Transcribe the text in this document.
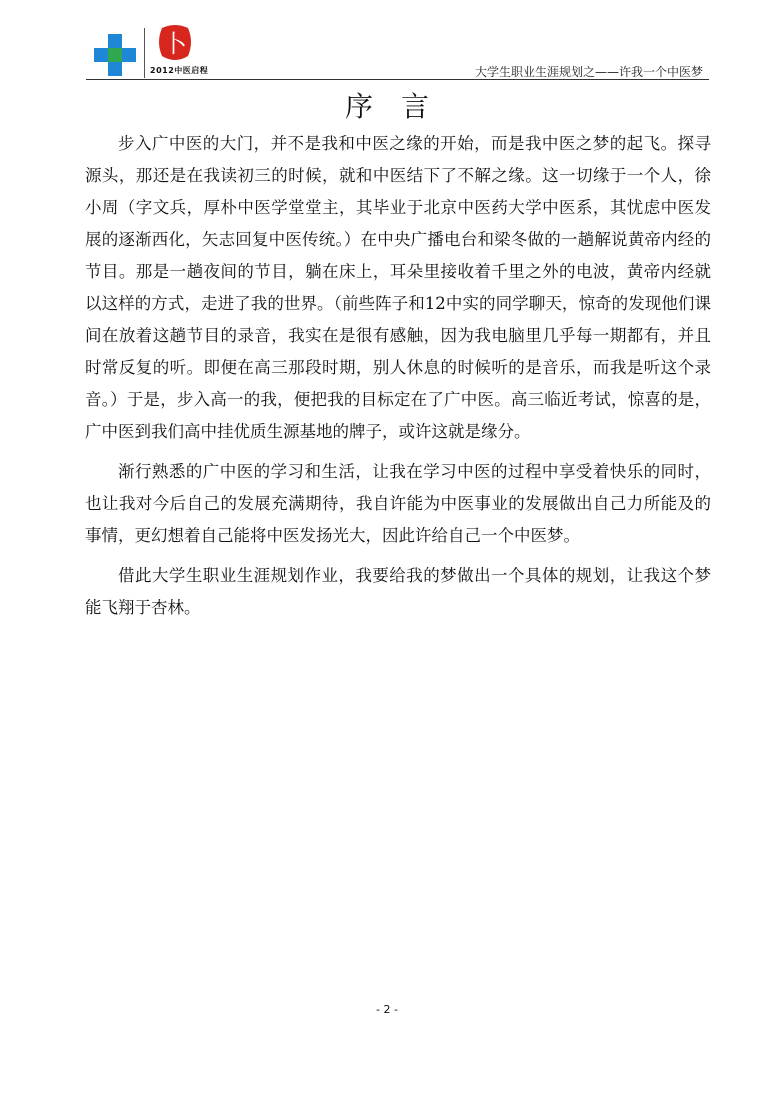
卜
2012中医启程	大学生职业生涯规划之——许我一个中医梦
序言

步入广中医的大门，并不是我和中医之缘的开始，而是我中医之梦的起飞。探寻源头，那还是在我读初三的时候，就和中医结下了不解之缘。这一切缘于一个人，徐小周（字文兵，厚朴中医学堂堂主，其毕业于北京中医药大学中医系，其忧虑中医发展的逐渐西化，矢志回复中医传统。）在中央广播电台和梁冬做的一趟解说黄帝内经的节目。那是一趟夜间的节目，躺在床上，耳朵里接收着千里之外的电波，黄帝内经就以这样的方式，走进了我的世界。（前些阵子和12中实的同学聊天，惊奇的发现他们课间在放着这趟节目的录音，我实在是很有感触，因为我电脑里几乎每一期都有，并且时常反复的听。即便在高三那段时期，别人休息的时候听的是音乐，而我是听这个录音。）于是，步入高一的我，便把我的目标定在了广中医。高三临近考试，惊喜的是，广中医到我们高中挂优质生源基地的牌子，或许这就是缘分。

渐行熟悉的广中医的学习和生活，让我在学习中医的过程中享受着快乐的同时，也让我对今后自己的发展充满期待，我自许能为中医事业的发展做出自己力所能及的事情，更幻想着自己能将中医发扬光大，因此许给自己一个中医梦。

借此大学生职业生涯规划作业，我要给我的梦做出一个具体的规划，让我这个梦能飞翔于杏林。

- 2 -
